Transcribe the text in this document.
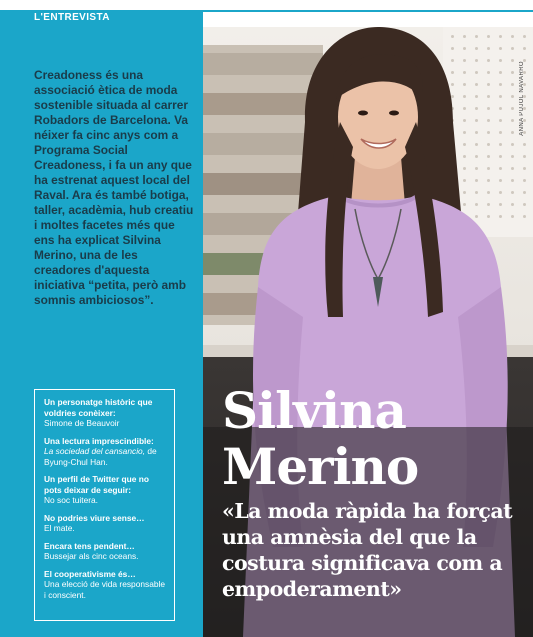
L'ENTREVISTA

Creadoness és una associació ètica de moda sostenible situada al carrer Robadors de Barcelona. Va néixer fa cinc anys com a Programa Social Creadoness, i fa un any que ha estrenat aquest local del Raval. Ara és també botiga, taller, acadèmia, hub creatiu i moltes facetes més que ens ha explicat Silvina Merino, una de les creadores d'aquesta iniciativa “petita, però amb somnis ambiciosos”.

Un personatge històric que voldries conèixer:
Simone de Beauvoir
Una lectura imprescindible:
La sociedad del cansancio, de Byung-Chul Han.
Un perfil de Twitter que no pots deixar de seguir:
No soc tuitera.
No podries viure sense…
El mate.
Encara tens pendent…
Bussejar als cinc oceans.
El cooperativisme és…
Una elecció de vida responsable i conscient.
ANNA PUJOL NAVARRO
Silvina
Merino
«La moda ràpida ha forçat una amnèsia del que la costura significava com a empoderament»
